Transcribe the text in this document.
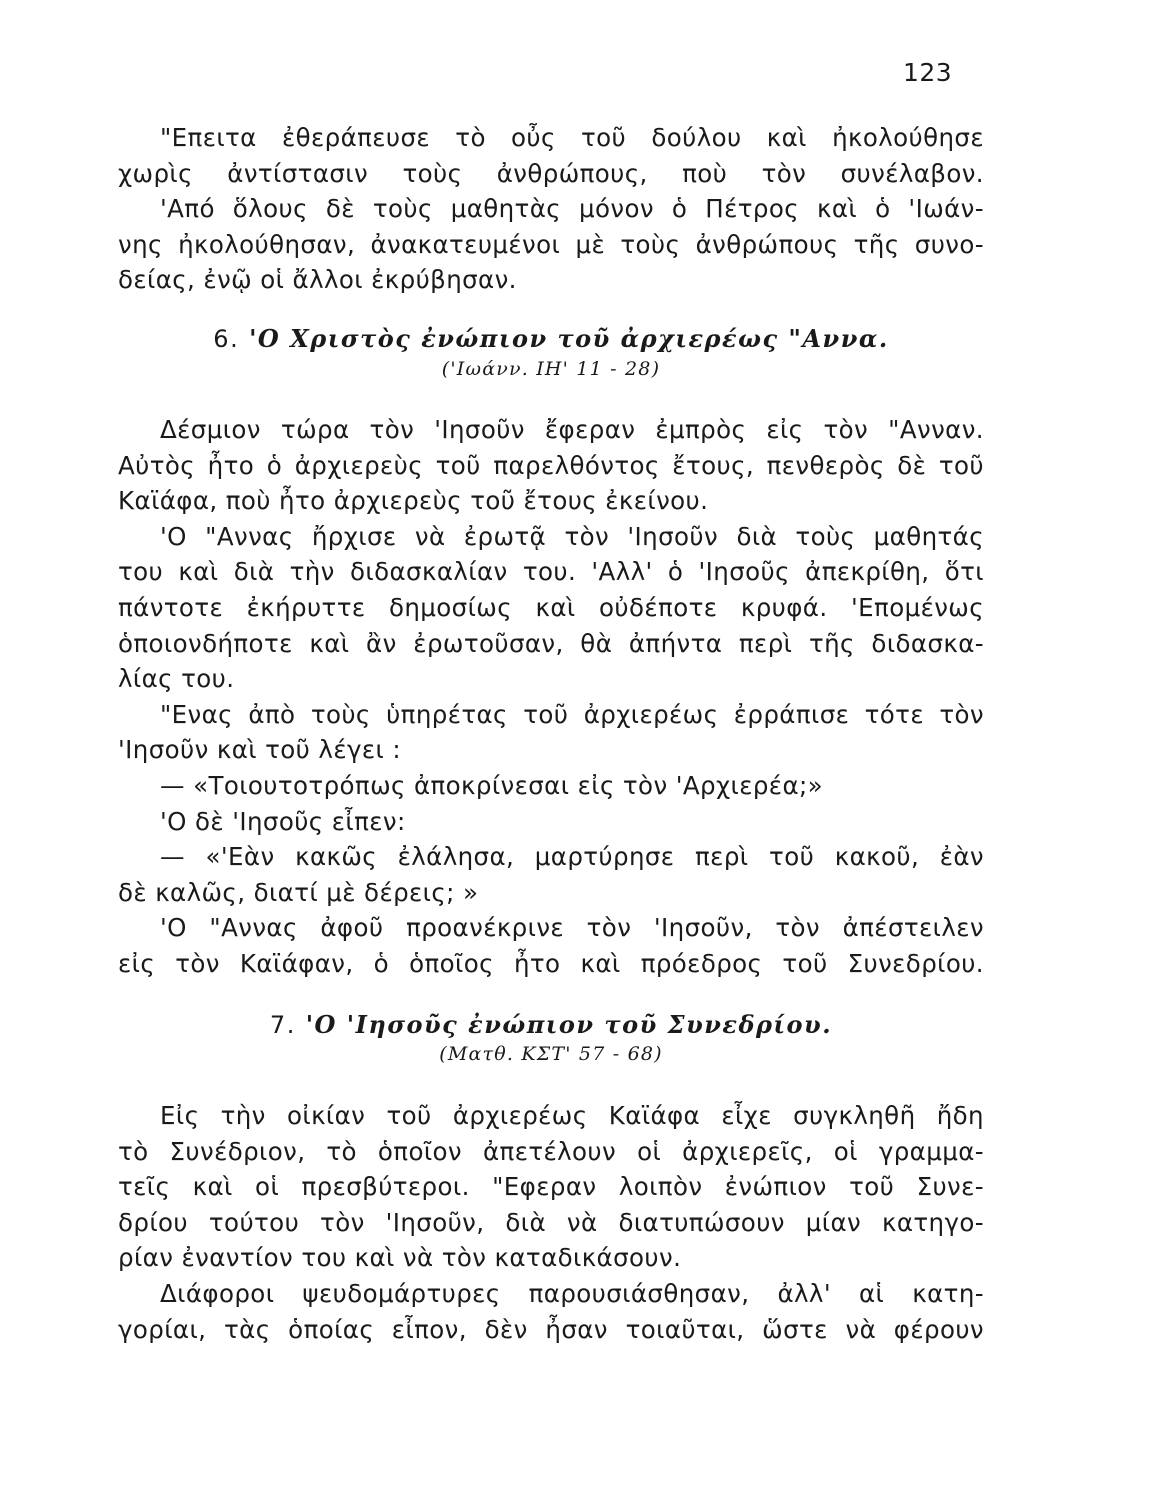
123
"Επειτα ἐθεράπευσε τὸ οὖς τοῦ δούλου καὶ ἠκολούθησε
χωρὶς ἀντίστασιν τοὺς ἀνθρώπους, ποὺ τὸν συνέλαβον.
'Από ὅλους δὲ τοὺς μαθητὰς μόνον ὁ Πέτρος καὶ ὁ 'Ιωάν-
νης ἠκολούθησαν, ἀνακατευμένοι μὲ τοὺς ἀνθρώπους τῆς συνο-
δείας, ἐνῷ οἱ ἄλλοι ἐκρύβησαν.
6. 'Ο Χριστὸς ἐνώπιον τοῦ ἀρχιερέως "Αννα.
('Ιωάνν. ΙΗ' 11 - 28)
Δέσμιον τώρα τὸν 'Ιησοῦν ἔφεραν ἐμπρὸς εἰς τὸν "Ανναν.
Αὐτὸς ἦτο ὁ ἀρχιερεὺς τοῦ παρελθόντος ἔτους, πενθερὸς δὲ τοῦ
Καϊάφα, ποὺ ἦτο ἀρχιερεὺς τοῦ ἔτους ἐκείνου.
'Ο "Αννας ἤρχισε νὰ ἐρωτᾷ τὸν 'Ιησοῦν διὰ τοὺς μαθητάς
του καὶ διὰ τὴν διδασκαλίαν του. 'Αλλ' ὁ 'Ιησοῦς ἀπεκρίθη, ὅτι
πάντοτε ἐκήρυττε δημοσίως καὶ οὐδέποτε κρυφά. 'Επομένως
ὁποιονδήποτε καὶ ἂν ἐρωτοῦσαν, θὰ ἀπήντα περὶ τῆς διδασκα-
λίας του.
"Ενας ἀπὸ τοὺς ὑπηρέτας τοῦ ἀρχιερέως ἐρράπισε τότε τὸν
'Ιησοῦν καὶ τοῦ λέγει :
— «Τοιουτοτρόπως ἀποκρίνεσαι εἰς τὸν 'Αρχιερέα;»
'Ο δὲ 'Ιησοῦς εἶπεν:
— «'Εὰν κακῶς ἐλάλησα, μαρτύρησε περὶ τοῦ κακοῦ, ἐὰν
δὲ καλῶς, διατί μὲ δέρεις; »
'Ο "Αννας ἀφοῦ προανέκρινε τὸν 'Ιησοῦν, τὸν ἀπέστειλεν
εἰς τὸν Καϊάφαν, ὁ ὁποῖος ἦτο καὶ πρόεδρος τοῦ Συνεδρίου.
7. 'Ο 'Ιησοῦς ἐνώπιον τοῦ Συνεδρίου.
(Ματθ. ΚΣΤ' 57 - 68)
Εἰς τὴν οἰκίαν τοῦ ἀρχιερέως Καϊάφα εἶχε συγκληθῆ ἤδη
τὸ Συνέδριον, τὸ ὁποῖον ἀπετέλουν οἱ ἀρχιερεῖς, οἱ γραμμα-
τεῖς καὶ οἱ πρεσβύτεροι. "Εφεραν λοιπὸν ἐνώπιον τοῦ Συνε-
δρίου τούτου τὸν 'Ιησοῦν, διὰ νὰ διατυπώσουν μίαν κατηγο-
ρίαν ἐναντίον του καὶ νὰ τὸν καταδικάσουν.
Διάφοροι ψευδομάρτυρες παρουσιάσθησαν, ἀλλ' αἱ κατη-
γορίαι, τὰς ὁποίας εἶπον, δὲν ἦσαν τοιαῦται, ὥστε νὰ φέρουν
